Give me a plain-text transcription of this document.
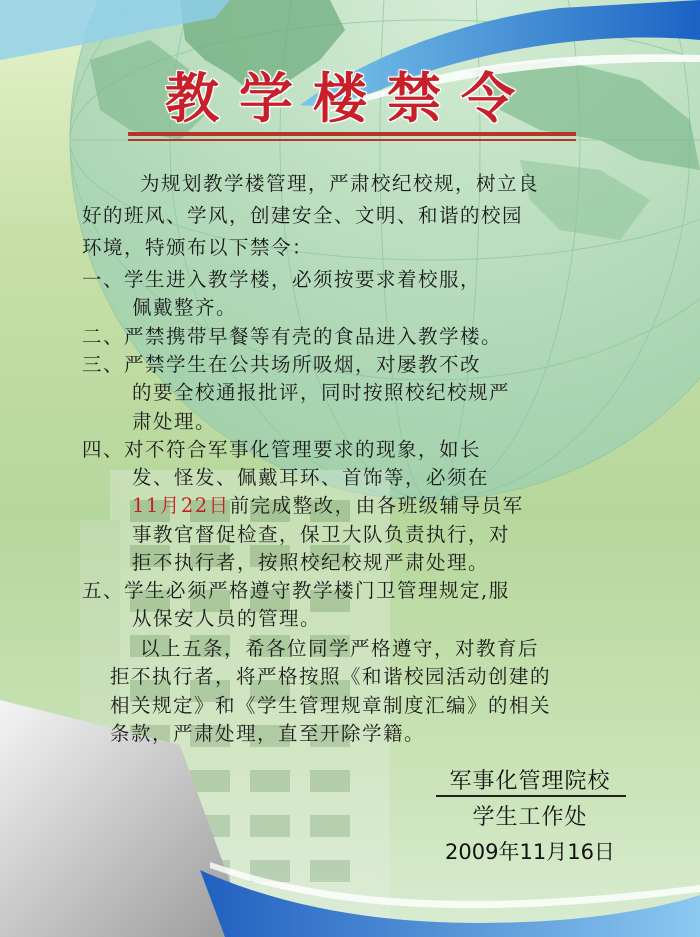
教学楼禁令
为规划教学楼管理，严肃校纪校规，树立良
好的班风、学风，创建安全、文明、和谐的校园
环境，特颁布以下禁令：
一、学生进入教学楼，必须按要求着校服，
佩戴整齐。
二、严禁携带早餐等有壳的食品进入教学楼。
三、严禁学生在公共场所吸烟，对屡教不改
的要全校通报批评，同时按照校纪校规严
肃处理。
四、对不符合军事化管理要求的现象，如长
发、怪发、佩戴耳环、首饰等，必须在
11月22日前完成整改，由各班级辅导员军
事教官督促检查，保卫大队负责执行，对
拒不执行者，按照校纪校规严肃处理。
五、学生必须严格遵守教学楼门卫管理规定,服
从保安人员的管理。
以上五条，希各位同学严格遵守，对教育后
拒不执行者，将严格按照《和谐校园活动创建的
相关规定》和《学生管理规章制度汇编》的相关
条款，严肃处理，直至开除学籍。
军事化管理院校
学生工作处
2009年11月16日
